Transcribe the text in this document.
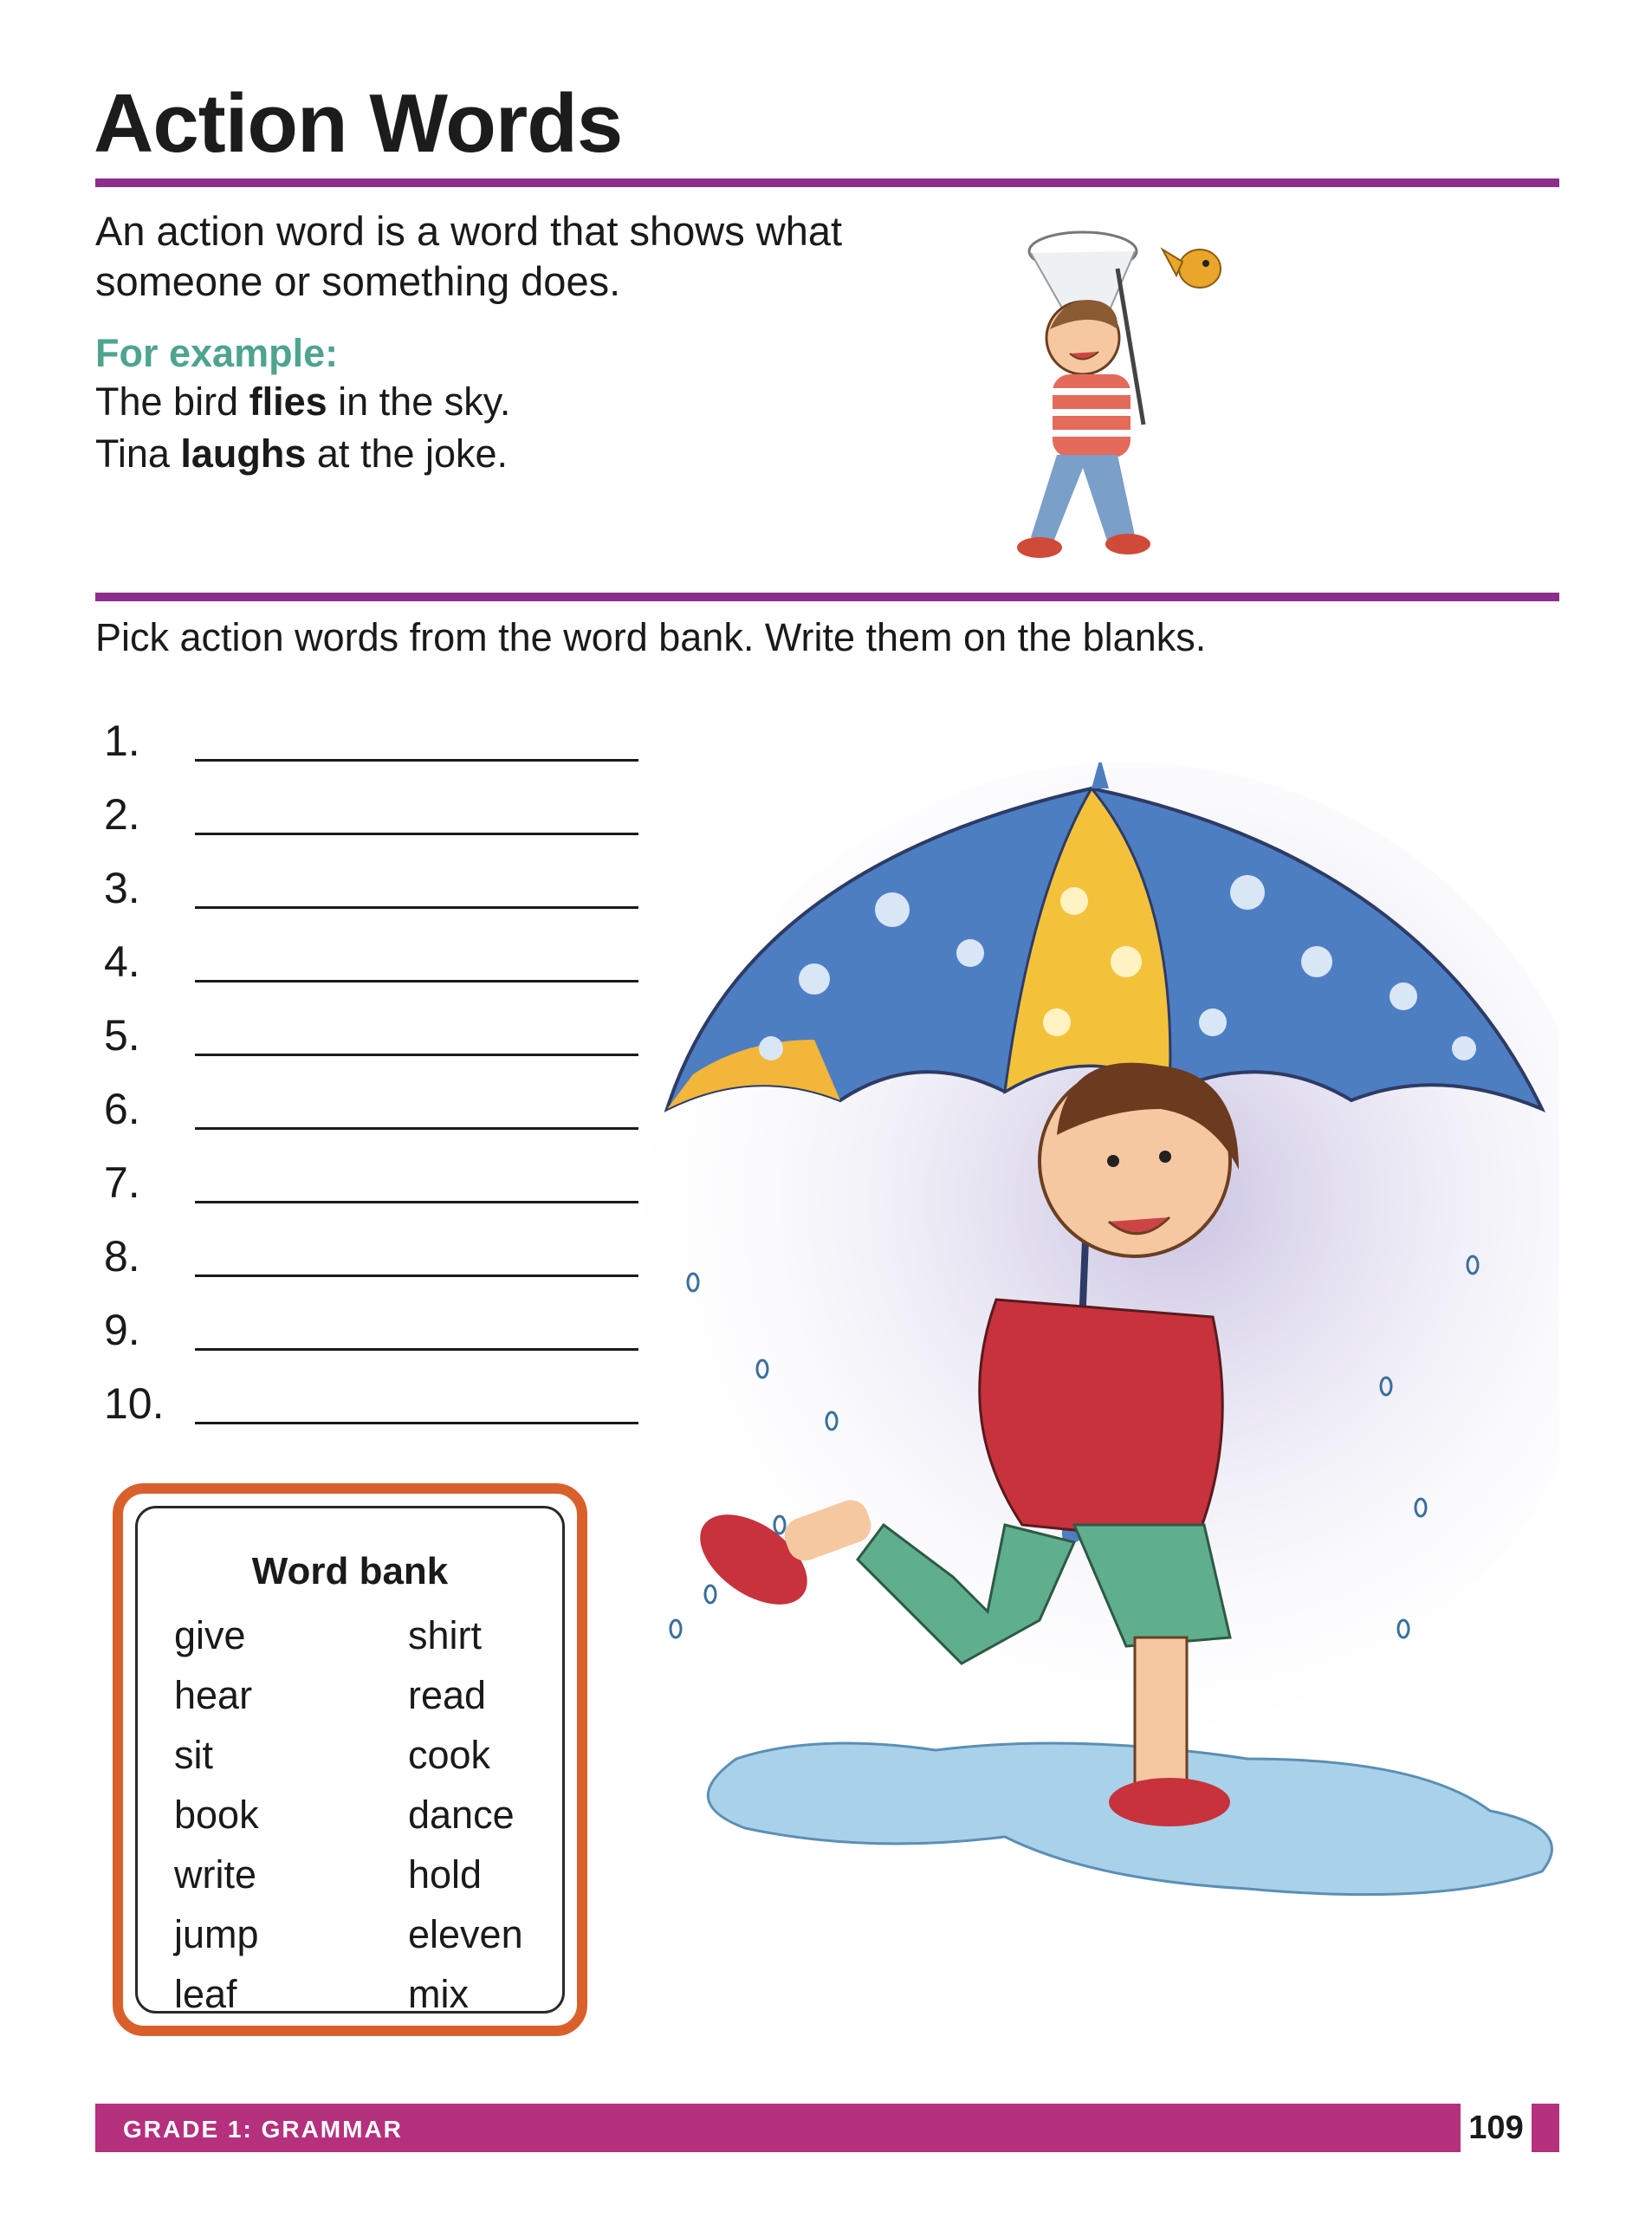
Action Words
An action word is a word that shows what someone or something does.
For example:
The bird flies in the sky.
Tina laughs at the joke.
Pick action words from the word bank. Write them on the blanks.
1.
2.
3.
4.
5.
6.
7.
8.
9.
10.
Word bank
give
hear
sit
book
write
jump
leaf
shirt
read
cook
dance
hold
eleven
mix
GRADE 1: GRAMMAR	109
